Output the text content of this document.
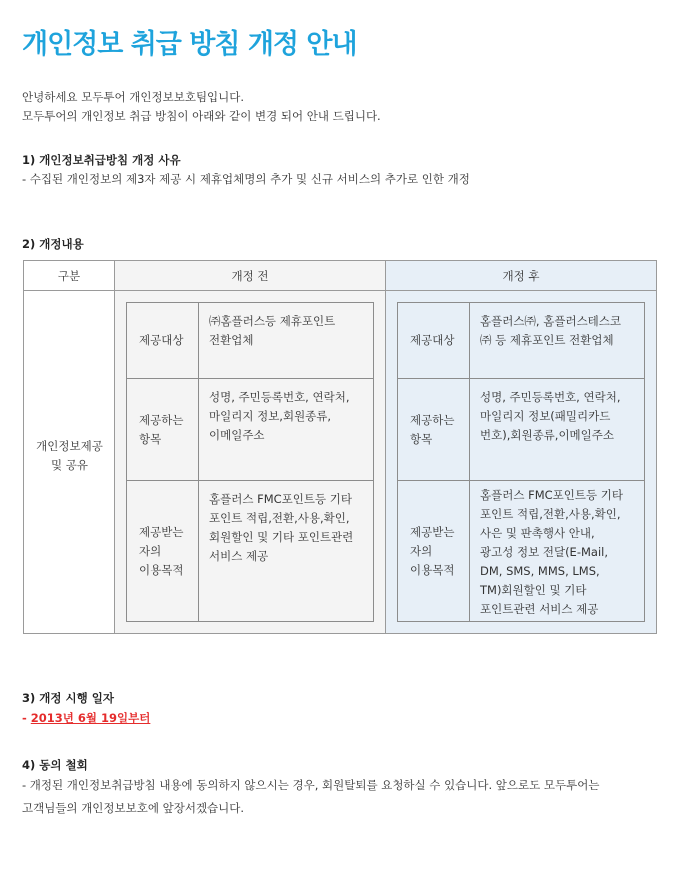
개인정보 취급 방침 개정 안내
안녕하세요 모두투어 개인정보보호팀입니다.
모두투어의 개인정보 취급 방침이 아래와 같이 변경 되어 안내 드립니다.
1) 개인정보취급방침 개정 사유
- 수집된 개인정보의 제3자 제공 시 제휴업체명의 추가 및 신규 서비스의 추가로 인한 개정
2) 개정내용
구분	개정 전	개정 후
개인정보제공
및 공유
제공대상
㈜홈플러스등 제휴포인트
전환업체
제공하는
항목
성명, 주민등록번호, 연락처,
마일리지 정보,회원종류,
이메일주소
제공받는
자의
이용목적
홈플러스 FMC포인트등 기타
포인트 적립,전환,사용,확인,
회원할인 및 기타 포인트관련
서비스 제공
제공대상
홈플러스㈜, 홈플러스테스코
㈜ 등 제휴포인트 전환업체
제공하는
항목
성명, 주민등록번호, 연락처,
마일리지 정보(패밀리카드
번호),회원종류,이메일주소
제공받는
자의
이용목적
홈플러스 FMC포인트등 기타
포인트 적립,전환,사용,확인,
사은 및 판촉행사 안내,
광고성 정보 전달(E-Mail,
DM, SMS, MMS, LMS,
TM)회원할인 및 기타
포인트관련 서비스 제공
3) 개정 시행 일자
- 2013년 6월 19일부터
4) 동의 철회
- 개정된 개인정보취급방침 내용에 동의하지 않으시는 경우, 회원탈퇴를 요청하실 수 있습니다. 앞으로도 모두투어는
고객님들의 개인정보보호에 앞장서겠습니다.
